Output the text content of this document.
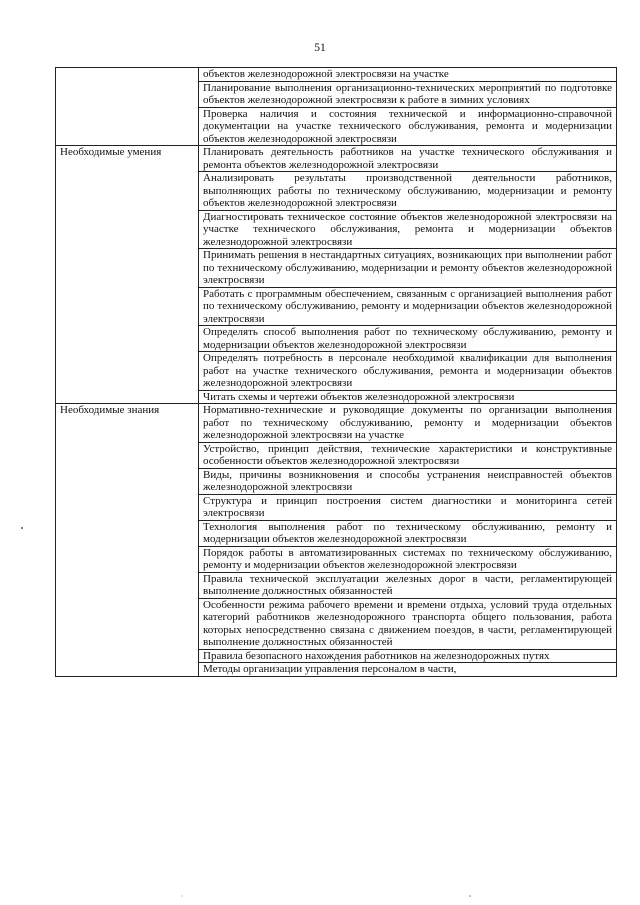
51
	объектов железнодорожной электросвязи на участке
	Планирование выполнения организационно-технических мероприятий по подготовке объектов железнодорожной электросвязи к работе в зимних условиях
	Проверка наличия и состояния технической и информационно-справочной документации на участке технического обслуживания, ремонта и модернизации объектов железнодорожной электросвязи
Необходимые умения	Планировать деятельность работников на участке технического обслуживания и ремонта объектов железнодорожной электросвязи
	Анализировать результаты производственной деятельности работников, выполняющих работы по техническому обслуживанию, модернизации и ремонту объектов железнодорожной электросвязи
	Диагностировать техническое состояние объектов железнодорожной электросвязи на участке технического обслуживания, ремонта и модернизации объектов железнодорожной электросвязи
	Принимать решения в нестандартных ситуациях, возникающих при выполнении работ по техническому обслуживанию, модернизации и ремонту объектов железнодорожной электросвязи
	Работать с программным обеспечением, связанным с организацией выполнения работ по техническому обслуживанию, ремонту и модернизации объектов железнодорожной электросвязи
	Определять способ выполнения работ по техническому обслуживанию, ремонту и модернизации объектов железнодорожной электросвязи
	Определять потребность в персонале необходимой квалификации для выполнения работ на участке технического обслуживания, ремонта и модернизации объектов железнодорожной электросвязи
	Читать схемы и чертежи объектов железнодорожной электросвязи
Необходимые знания	Нормативно-технические и руководящие документы по организации выполнения работ по техническому обслуживанию, ремонту и модернизации объектов железнодорожной электросвязи на участке
	Устройство, принцип действия, технические характеристики и конструктивные особенности объектов железнодорожной электросвязи
	Виды, причины возникновения и способы устранения неисправностей объектов железнодорожной электросвязи
	Структура и принцип построения систем диагностики и мониторинга сетей электросвязи
	Технология выполнения работ по техническому обслуживанию, ремонту и модернизации объектов железнодорожной электросвязи
	Порядок работы в автоматизированных системах по техническому обслуживанию, ремонту и модернизации объектов железнодорожной электросвязи
	Правила технической эксплуатации железных дорог в части, регламентирующей выполнение должностных обязанностей
	Особенности режима рабочего времени и времени отдыха, условий труда отдельных категорий работников железнодорожного транспорта общего пользования, работа которых непосредственно связана с движением поездов, в части, регламентирующей выполнение должностных обязанностей
	Правила безопасного нахождения работников на железнодорожных путях
	Методы организации управления персоналом в части,
